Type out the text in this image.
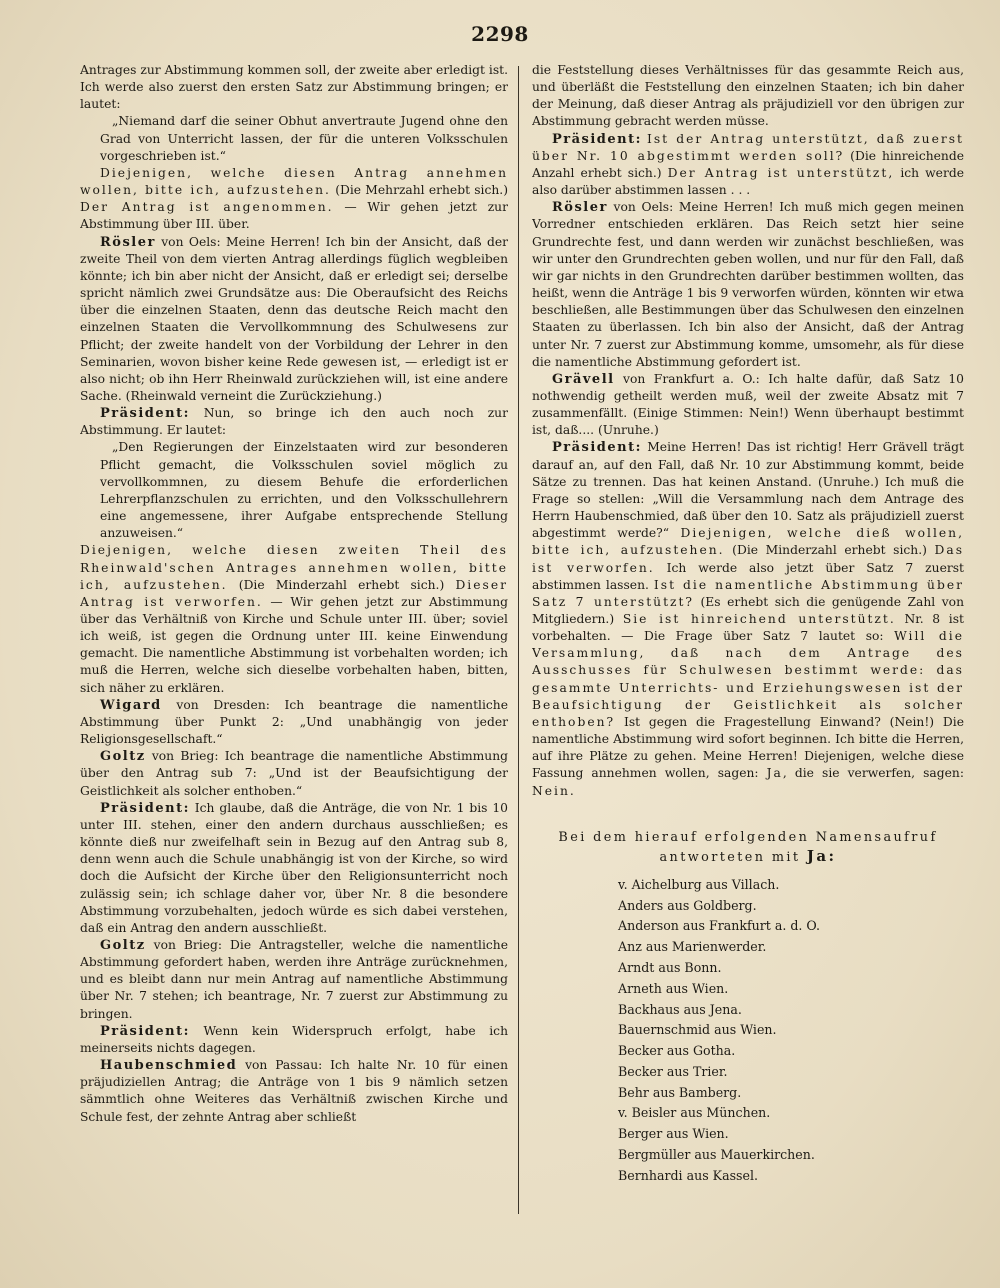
2298

Antrages zur Abstimmung kommen soll, der zweite aber erledigt ist. Ich werde also zuerst den ersten Satz zur Abstimmung bringen; er lautet:

„Niemand darf die seiner Obhut anvertraute Jugend ohne den Grad von Unterricht lassen, der für die unteren Volksschulen vorgeschrieben ist.“

Diejenigen, welche diesen Antrag annehmen wollen, bitte ich, aufzustehen. (Die Mehrzahl erhebt sich.) Der Antrag ist angenommen. — Wir gehen jetzt zur Abstimmung über III. über.

Rösler von Oels: Meine Herren! Ich bin der Ansicht, daß der zweite Theil von dem vierten Antrag allerdings füglich wegbleiben könnte; ich bin aber nicht der Ansicht, daß er erledigt sei; derselbe spricht nämlich zwei Grundsätze aus: Die Oberaufsicht des Reichs über die einzelnen Staaten, denn das deutsche Reich macht den einzelnen Staaten die Vervollkommnung des Schulwesens zur Pflicht; der zweite handelt von der Vorbildung der Lehrer in den Seminarien, wovon bisher keine Rede gewesen ist, — erledigt ist er also nicht; ob ihn Herr Rheinwald zurückziehen will, ist eine andere Sache. (Rheinwald verneint die Zurückziehung.)

Präsident: Nun, so bringe ich den auch noch zur Abstimmung. Er lautet:

„Den Regierungen der Einzelstaaten wird zur besonderen Pflicht gemacht, die Volksschulen soviel möglich zu vervollkommnen, zu diesem Behufe die erforderlichen Lehrerpflanzschulen zu errichten, und den Volksschullehrern eine angemessene, ihrer Aufgabe entsprechende Stellung anzuweisen.“

Diejenigen, welche diesen zweiten Theil des Rheinwald'schen Antrages annehmen wollen, bitte ich, aufzustehen. (Die Minderzahl erhebt sich.) Dieser Antrag ist verworfen. — Wir gehen jetzt zur Abstimmung über das Verhältniß von Kirche und Schule unter III. über; soviel ich weiß, ist gegen die Ordnung unter III. keine Einwendung gemacht. Die namentliche Abstimmung ist vorbehalten worden; ich muß die Herren, welche sich dieselbe vorbehalten haben, bitten, sich näher zu erklären.

Wigard von Dresden: Ich beantrage die namentliche Abstimmung über Punkt 2: „Und unabhängig von jeder Religionsgesellschaft.“

Goltz von Brieg: Ich beantrage die namentliche Abstimmung über den Antrag sub 7: „Und ist der Beaufsichtigung der Geistlichkeit als solcher enthoben.“

Präsident: Ich glaube, daß die Anträge, die von Nr. 1 bis 10 unter III. stehen, einer den andern durchaus ausschließen; es könnte dieß nur zweifelhaft sein in Bezug auf den Antrag sub 8, denn wenn auch die Schule unabhängig ist von der Kirche, so wird doch die Aufsicht der Kirche über den Religionsunterricht noch zulässig sein; ich schlage daher vor, über Nr. 8 die besondere Abstimmung vorzubehalten, jedoch würde es sich dabei verstehen, daß ein Antrag den andern ausschließt.

Goltz von Brieg: Die Antragsteller, welche die namentliche Abstimmung gefordert haben, werden ihre Anträge zurücknehmen, und es bleibt dann nur mein Antrag auf namentliche Abstimmung über Nr. 7 stehen; ich beantrage, Nr. 7 zuerst zur Abstimmung zu bringen.

Präsident: Wenn kein Widerspruch erfolgt, habe ich meinerseits nichts dagegen.

Haubenschmied von Passau: Ich halte Nr. 10 für einen präjudiziellen Antrag; die Anträge von 1 bis 9 nämlich setzen sämmtlich ohne Weiteres das Verhältniß zwischen Kirche und Schule fest, der zehnte Antrag aber schließt

die Feststellung dieses Verhältnisses für das gesammte Reich aus, und überläßt die Feststellung den einzelnen Staaten; ich bin daher der Meinung, daß dieser Antrag als präjudiziell vor den übrigen zur Abstimmung gebracht werden müsse.

Präsident: Ist der Antrag unterstützt, daß zuerst über Nr. 10 abgestimmt werden soll? (Die hinreichende Anzahl erhebt sich.) Der Antrag ist unterstützt, ich werde also darüber abstimmen lassen . . .

Rösler von Oels: Meine Herren! Ich muß mich gegen meinen Vorredner entschieden erklären. Das Reich setzt hier seine Grundrechte fest, und dann werden wir zunächst beschließen, was wir unter den Grundrechten geben wollen, und nur für den Fall, daß wir gar nichts in den Grundrechten darüber bestimmen wollten, das heißt, wenn die Anträge 1 bis 9 verworfen würden, könnten wir etwa beschließen, alle Bestimmungen über das Schulwesen den einzelnen Staaten zu überlassen. Ich bin also der Ansicht, daß der Antrag unter Nr. 7 zuerst zur Abstimmung komme, umsomehr, als für diese die namentliche Abstimmung gefordert ist.

Grävell von Frankfurt a. O.: Ich halte dafür, daß Satz 10 nothwendig getheilt werden muß, weil der zweite Absatz mit 7 zusammenfällt. (Einige Stimmen: Nein!) Wenn überhaupt bestimmt ist, daß.... (Unruhe.)

Präsident: Meine Herren! Das ist richtig! Herr Grävell trägt darauf an, auf den Fall, daß Nr. 10 zur Abstimmung kommt, beide Sätze zu trennen. Das hat keinen Anstand. (Unruhe.) Ich muß die Frage so stellen: „Will die Versammlung nach dem Antrage des Herrn Haubenschmied, daß über den 10. Satz als präjudiziell zuerst abgestimmt werde?“ Diejenigen, welche dieß wollen, bitte ich, aufzustehen. (Die Minderzahl erhebt sich.) Das ist verworfen. Ich werde also jetzt über Satz 7 zuerst abstimmen lassen. Ist die namentliche Abstimmung über Satz 7 unterstützt? (Es erhebt sich die genügende Zahl von Mitgliedern.) Sie ist hinreichend unterstützt. Nr. 8 ist vorbehalten. — Die Frage über Satz 7 lautet so: Will die Versammlung, daß nach dem Antrage des Ausschusses für Schulwesen bestimmt werde: das gesammte Unterrichts- und Erziehungswesen ist der Beaufsichtigung der Geistlichkeit als solcher enthoben? Ist gegen die Fragestellung Einwand? (Nein!) Die namentliche Abstimmung wird sofort beginnen. Ich bitte die Herren, auf ihre Plätze zu gehen. Meine Herren! Diejenigen, welche diese Fassung annehmen wollen, sagen: Ja, die sie verwerfen, sagen: Nein.

Bei dem hierauf erfolgenden Namensaufruf
antworteten mit Ja:
v. Aichelburg aus Villach.
Anders aus Goldberg.
Anderson aus Frankfurt a. d. O.
Anz aus Marienwerder.
Arndt aus Bonn.
Arneth aus Wien.
Backhaus aus Jena.
Bauernschmid aus Wien.
Becker aus Gotha.
Becker aus Trier.
Behr aus Bamberg.
v. Beisler aus München.
Berger aus Wien.
Bergmüller aus Mauerkirchen.
Bernhardi aus Kassel.
